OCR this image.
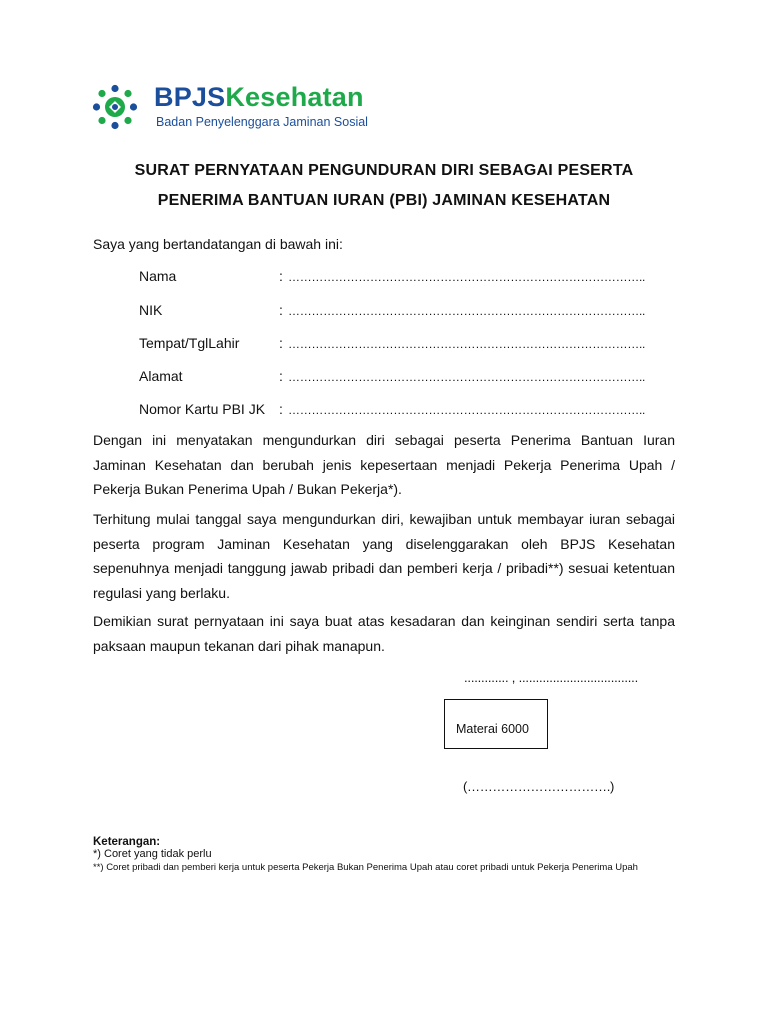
BPJSKesehatan
Badan Penyelenggara Jaminan Sosial
SURAT PERNYATAAN PENGUNDURAN DIRI SEBAGAI PESERTA
PENERIMA BANTUAN IURAN (PBI) JAMINAN KESEHATAN
Saya yang bertandatangan di bawah ini:
Nama	: ………………………………………………………………………………..
NIK	: ………………………………………………………………………………..
Tempat/TglLahir	: ………………………………………………………………………………..
Alamat	: ………………………………………………………………………………..
Nomor Kartu PBI JK : ………………………………………………………………………………..
Dengan ini menyatakan mengundurkan diri sebagai peserta Penerima Bantuan Iuran Jaminan Kesehatan dan berubah jenis kepesertaan menjadi Pekerja Penerima Upah / Pekerja Bukan Penerima Upah / Bukan Pekerja*).
Terhitung mulai tanggal saya mengundurkan diri, kewajiban untuk membayar iuran sebagai peserta program Jaminan Kesehatan yang diselenggarakan oleh BPJS Kesehatan sepenuhnya menjadi tanggung jawab pribadi dan pemberi kerja / pribadi**) sesuai ketentuan regulasi yang berlaku.
Demikian surat pernyataan ini saya buat atas kesadaran dan keinginan sendiri serta tanpa paksaan maupun tekanan dari pihak manapun.
............. , ...................................
Materai 6000
(…………………………….)
Keterangan:
*) Coret yang tidak perlu
**) Coret pribadi dan pemberi kerja untuk peserta Pekerja Bukan Penerima Upah atau coret pribadi untuk Pekerja Penerima Upah
